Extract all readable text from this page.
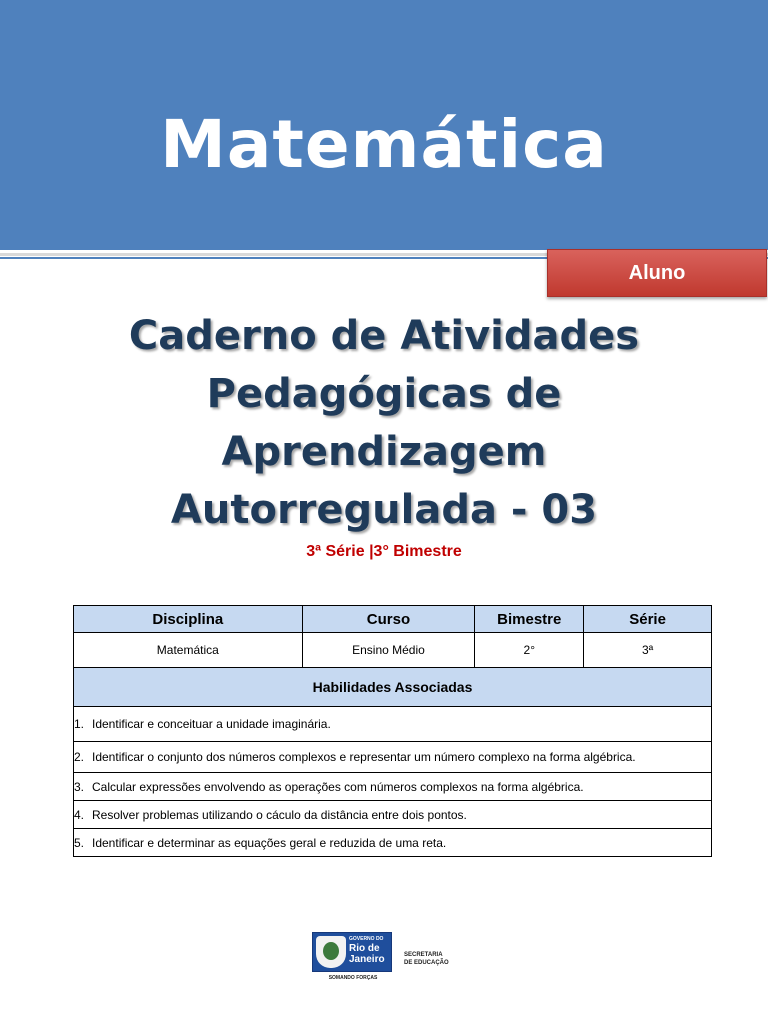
Matemática
Aluno
Caderno de Atividades
Pedagógicas de
Aprendizagem
Autorregulada - 03
3ª Série |3° Bimestre
Disciplina	Curso	Bimestre	Série
Matemática	Ensino Médio	2°	3ª
Habilidades Associadas			
1. Identificar e conceituar a unidade imaginária.			
2. Identificar o conjunto dos números complexos e representar um número complexo na forma algébrica.			
3. Calcular expressões envolvendo as operações com números complexos na forma algébrica.			
4. Resolver problemas utilizando o cáculo da distância entre dois pontos.			
5. Identificar e determinar as equações geral e reduzida de uma reta.			
GOVERNO DO
Rio de
Janeiro
SOMANDO FORÇAS
SECRETARIA
DE EDUCAÇÃO
